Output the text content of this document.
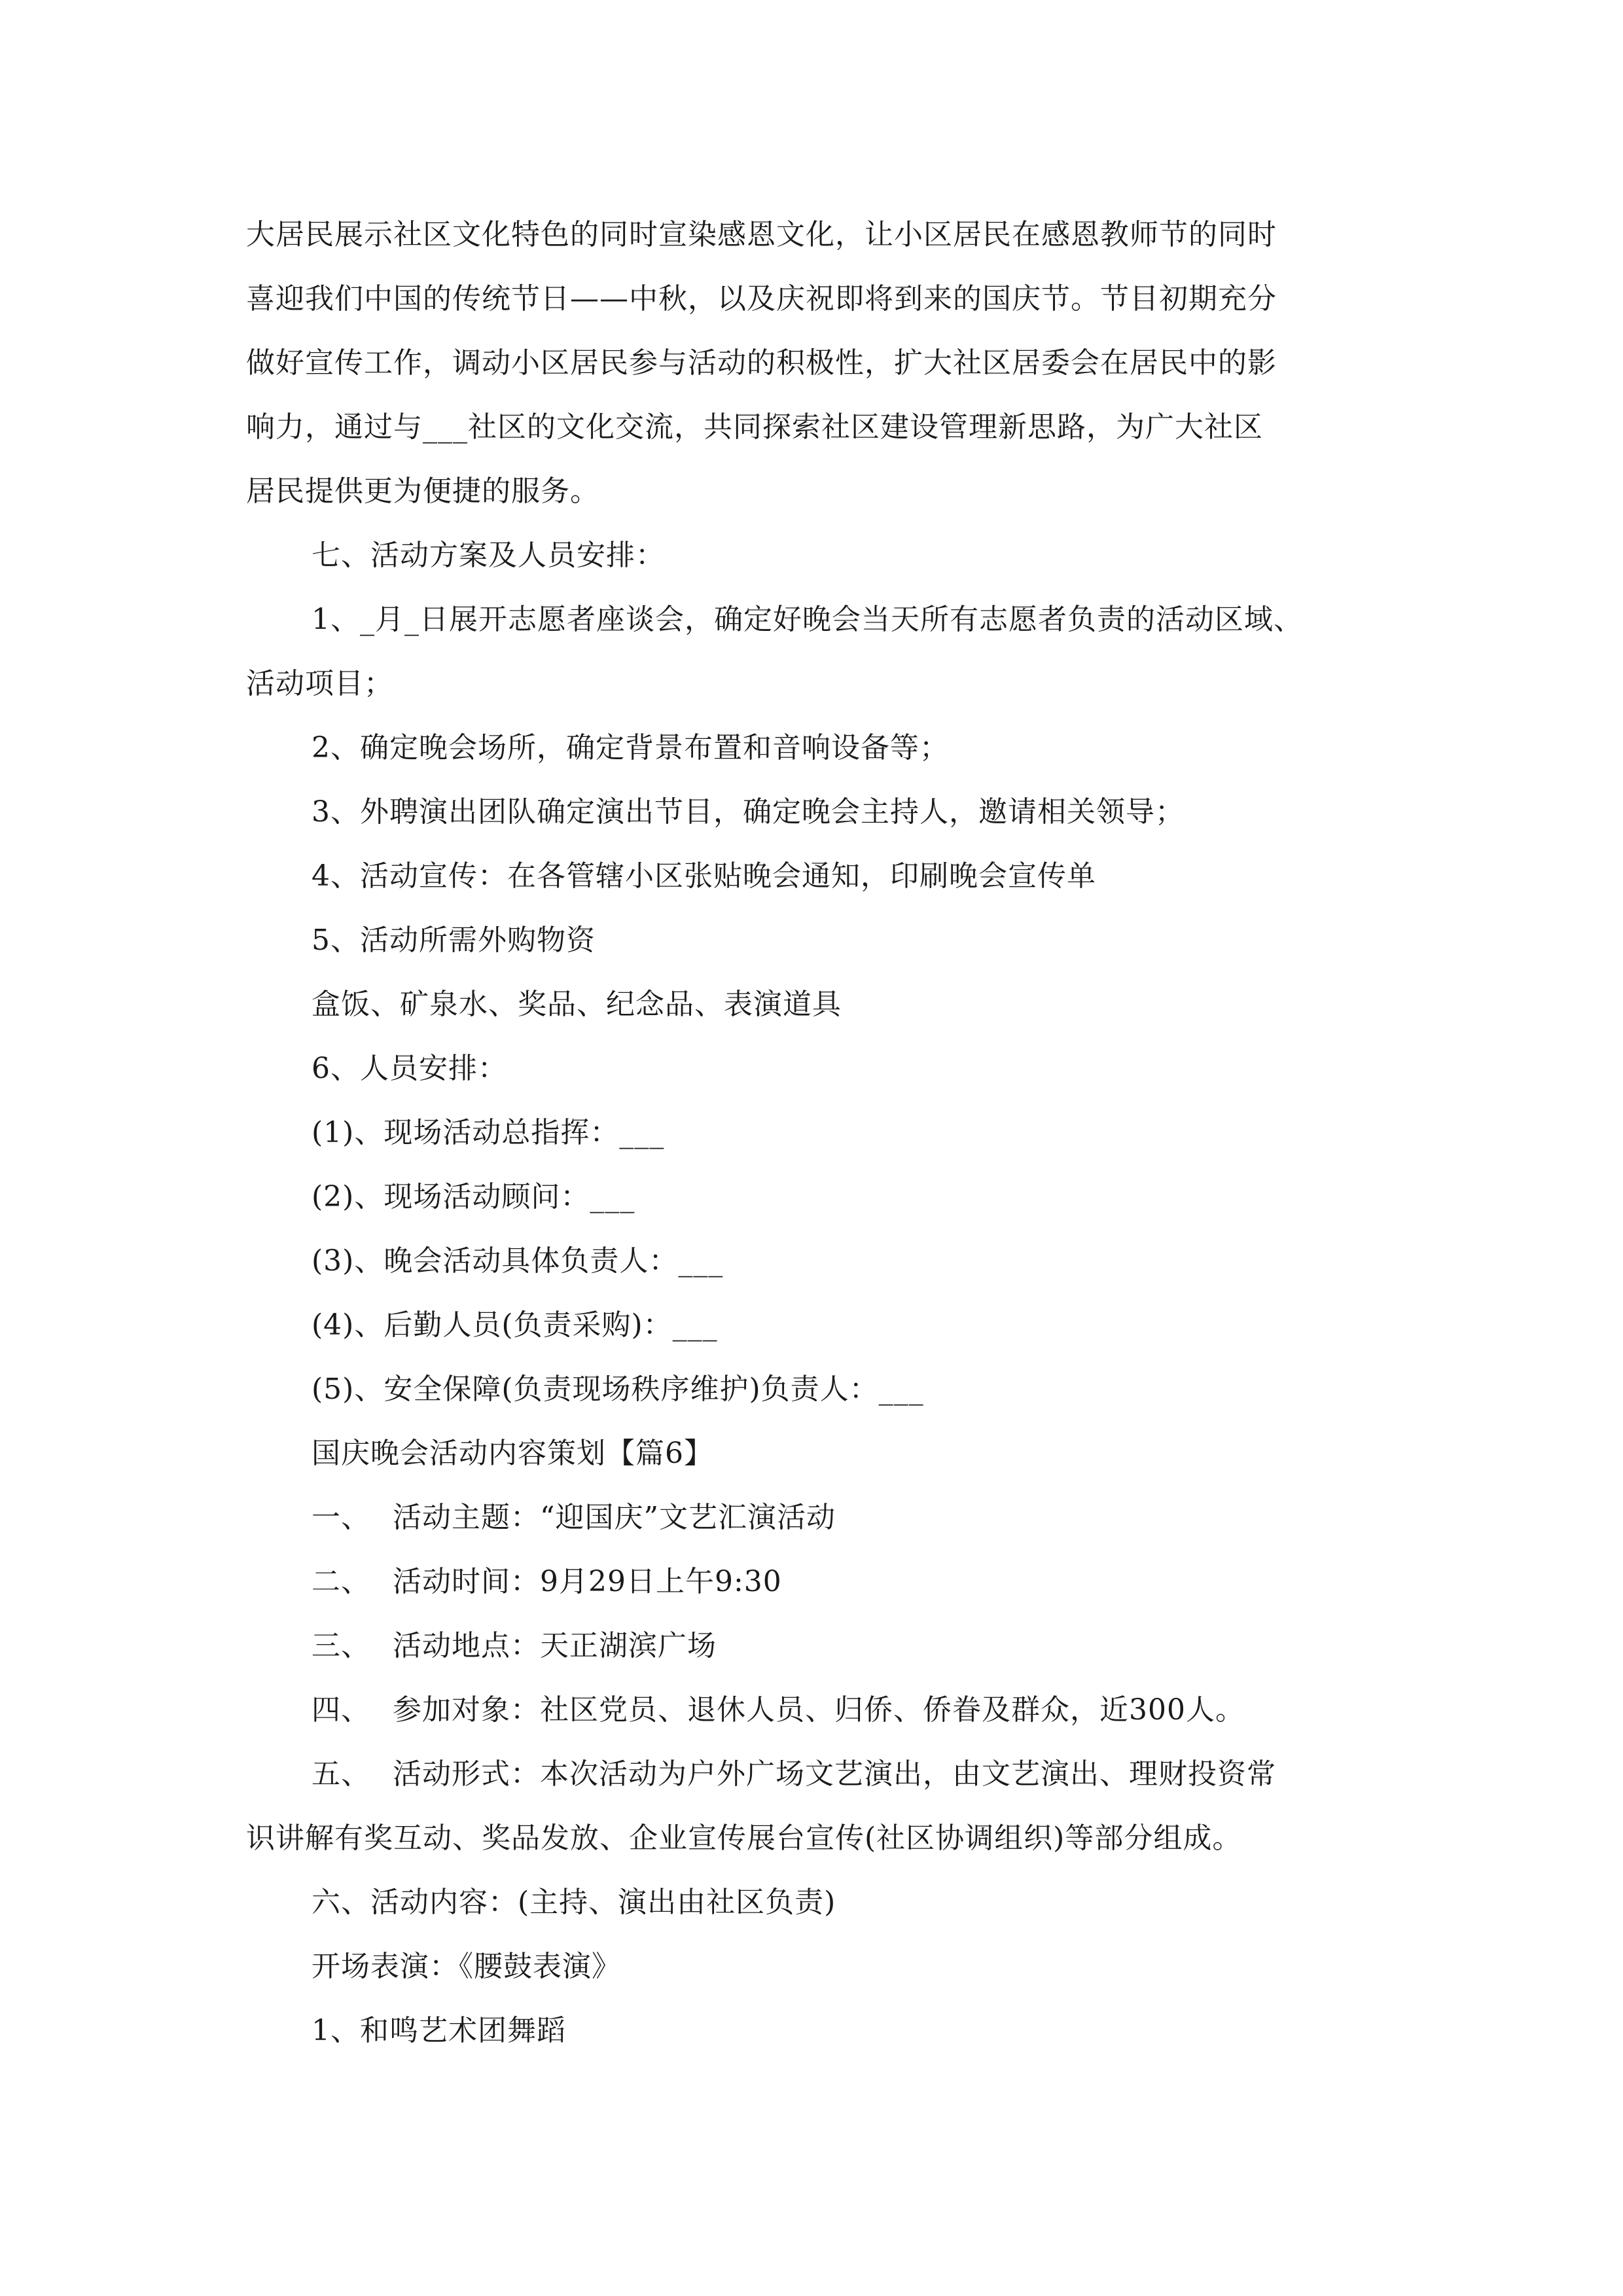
大居民展示社区文化特色的同时宣染感恩文化，让小区居民在感恩教师节的同时
喜迎我们中国的传统节日——中秋，以及庆祝即将到来的国庆节。节目初期充分
做好宣传工作，调动小区居民参与活动的积极性，扩大社区居委会在居民中的影
响力，通过与___社区的文化交流，共同探索社区建设管理新思路，为广大社区
居民提供更为便捷的服务。
七、活动方案及人员安排：
1、_月_日展开志愿者座谈会，确定好晚会当天所有志愿者负责的活动区域、
活动项目；
2、确定晚会场所，确定背景布置和音响设备等；
3、外聘演出团队确定演出节目，确定晚会主持人，邀请相关领导；
4、活动宣传：在各管辖小区张贴晚会通知，印刷晚会宣传单
5、活动所需外购物资
盒饭、矿泉水、奖品、纪念品、表演道具
6、人员安排：
(1)、现场活动总指挥：___
(2)、现场活动顾问：___
(3)、晚会活动具体负责人：___
(4)、后勤人员(负责采购)：___
(5)、安全保障(负责现场秩序维护)负责人：___
国庆晚会活动内容策划【篇6】
一、 活动主题：“迎国庆”文艺汇演活动
二、 活动时间：9月29日上午9:30
三、 活动地点：天正湖滨广场
四、 参加对象：社区党员、退休人员、归侨、侨眷及群众，近300人。
五、 活动形式：本次活动为户外广场文艺演出，由文艺演出、理财投资常
识讲解有奖互动、奖品发放、企业宣传展台宣传(社区协调组织)等部分组成。
六、活动内容：(主持、演出由社区负责)
开场表演：《腰鼓表演》
1、和鸣艺术团舞蹈
